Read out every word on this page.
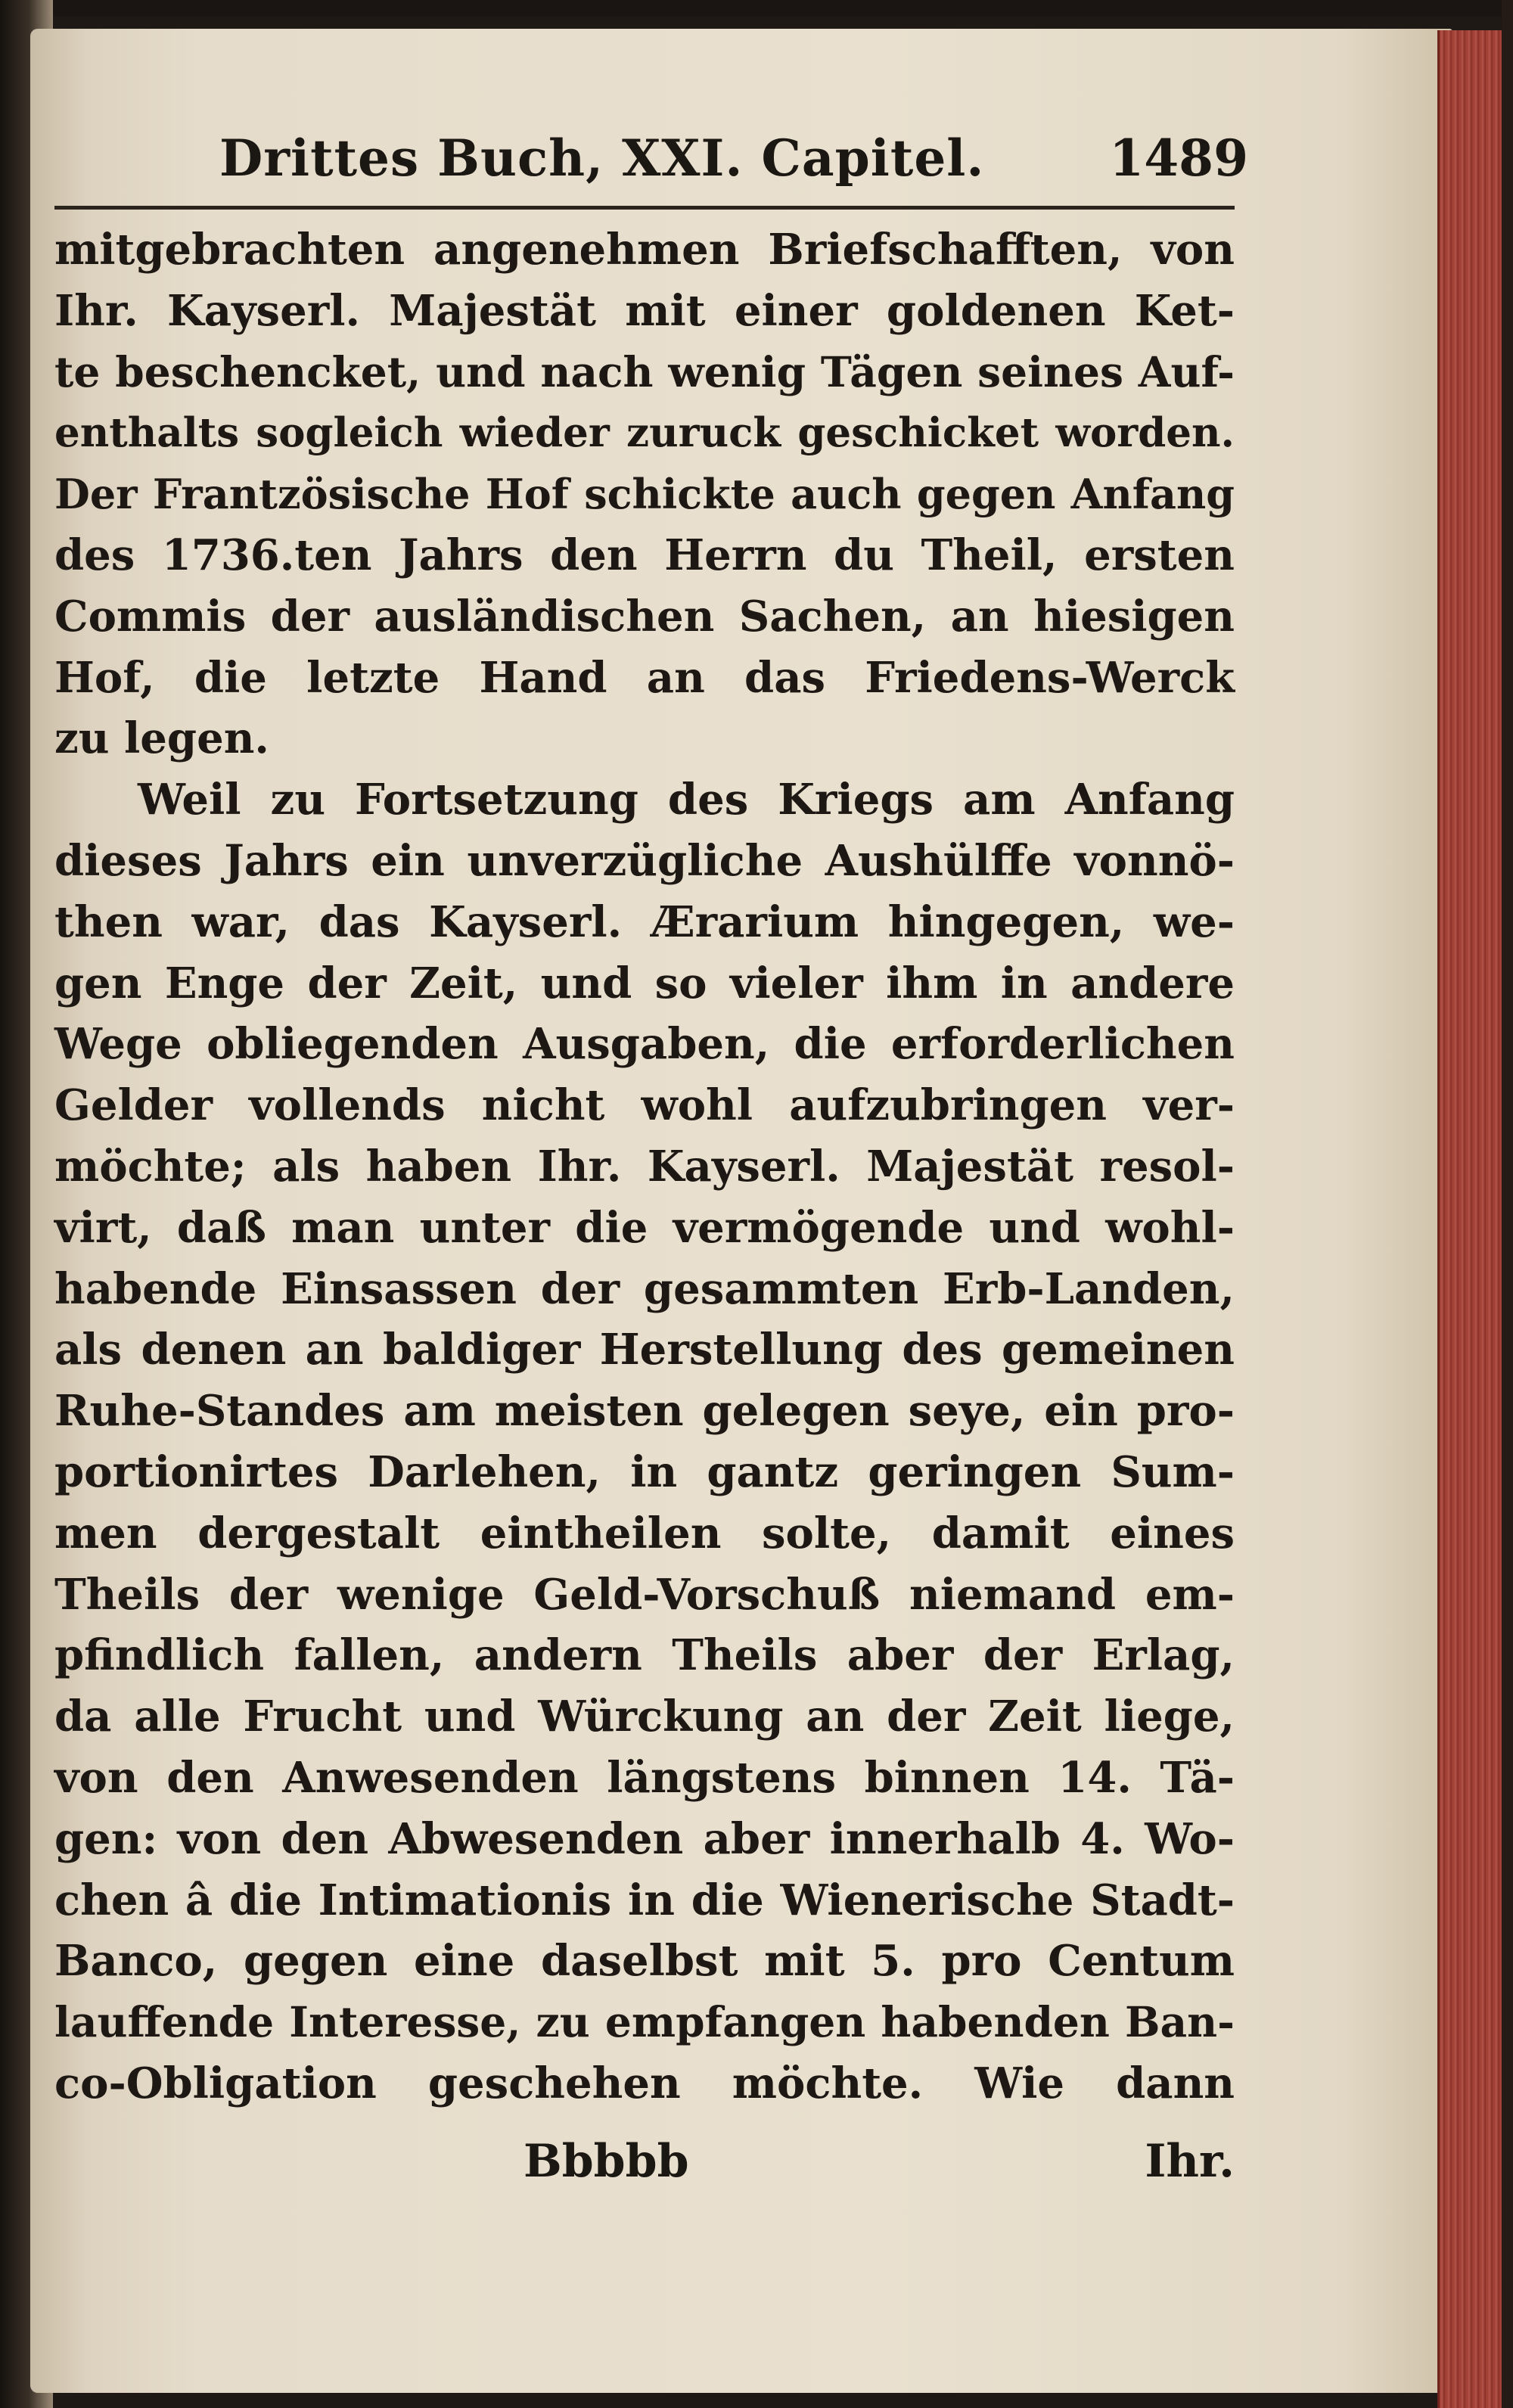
Drittes Buch, XXI. Capitel. 1489
mitgebrachten angenehmen Briefschafften, von
Ihr. Kayserl. Majestät mit einer goldenen Ket-
te beschencket, und nach wenig Tägen seines Auf-
enthalts sogleich wieder zuruck geschicket worden.
Der Frantzösische Hof schickte auch gegen Anfang
des 1736.ten Jahrs den Herrn du Theil, ersten
Commis der ausländischen Sachen, an hiesigen
Hof, die letzte Hand an das Friedens-Werck
zu legen.
Weil zu Fortsetzung des Kriegs am Anfang
dieses Jahrs ein unverzügliche Aushülffe vonnö-
then war, das Kayserl. Ærarium hingegen, we-
gen Enge der Zeit, und so vieler ihm in andere
Wege obliegenden Ausgaben, die erforderlichen
Gelder vollends nicht wohl aufzubringen ver-
möchte; als haben Ihr. Kayserl. Majestät resol-
virt, daß man unter die vermögende und wohl-
habende Einsassen der gesammten Erb-Landen,
als denen an baldiger Herstellung des gemeinen
Ruhe-Standes am meisten gelegen seye, ein pro-
portionirtes Darlehen, in gantz geringen Sum-
men dergestalt eintheilen solte, damit eines
Theils der wenige Geld-Vorschuß niemand em-
pfindlich fallen, andern Theils aber der Erlag,
da alle Frucht und Würckung an der Zeit liege,
von den Anwesenden längstens binnen 14. Tä-
gen: von den Abwesenden aber innerhalb 4. Wo-
chen â die Intimationis in die Wienerische Stadt-
Banco, gegen eine daselbst mit 5. pro Centum
lauffende Interesse, zu empfangen habenden Ban-
co-Obligation geschehen möchte. Wie dann
Bbbbb	Ihr.
